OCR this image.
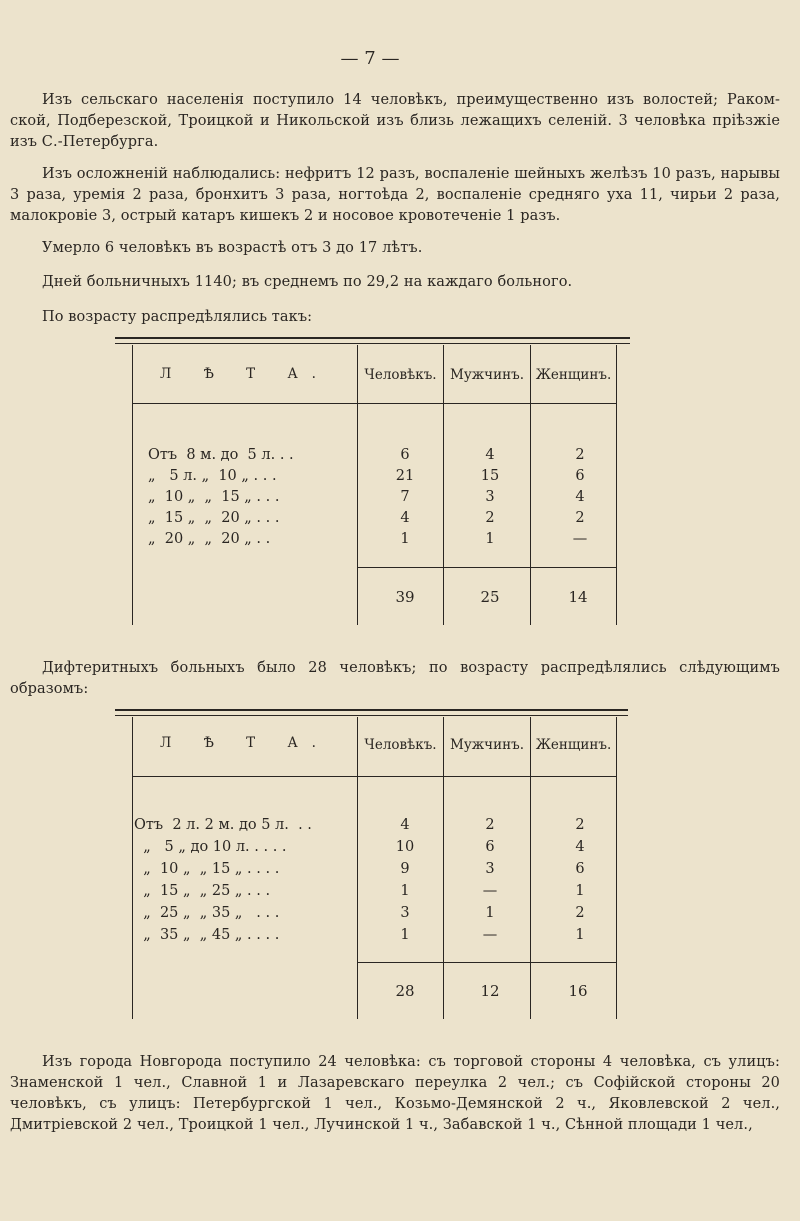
— 7 —

Изъ сельскаго населенія поступило 14 человѣкъ, преимущественно изъ волостей; Раком-ской, Подберезской, Троицкой и Никольской изъ близь лежащихъ селеній. 3 человѣка пріѣзжіе изъ С.-Петербурга.

Изъ осложненій наблюдались: нефритъ 12 разъ, воспаленіе шейныхъ желѣзъ 10 разъ, нарывы 3 раза, уремія 2 раза, бронхитъ 3 раза, ногтоѣда 2, воспаленіе средняго уха 11, чирьи 2 раза, малокровіе 3, острый катаръ кишекъ 2 и носовое кровотеченіе 1 разъ.

Умерло 6 человѣкъ въ возрастѣ отъ 3 до 17 лѣтъ.

Дней больничныхъ 1140; въ среднемъ по 29,2 на каждаго больного.

По возрасту распредѣлялись такъ:

Л Ѣ Т А.	Человѣкъ. Мужчинъ. Женщинъ.
Отъ  8 м. до  5 л. . .	6	4	2
„   5 л. „  10 „ . . .	21	15	6
„  10 „  „  15 „ . . .	7	3	4
„  15 „  „  20 „ . . .	4	2	2
„  20 „  „  20 „ . .	1	1	—
39	25	14

Дифтеритныхъ больныхъ было 28 человѣкъ; по возрасту распредѣлялись слѣдующимъ образомъ:

Л Ѣ Т А.	Человѣкъ. Мужчинъ. Женщинъ.
Отъ  2 л. 2 м. до 5 л.  . .	4	2	2
„   5 „ до 10 л. . . . .	10	6	4
„  10 „  „ 15 „ . . . .	9	3	6
„  15 „  „ 25 „ . . .	1	—	1
„  25 „  „ 35 „   . . .	3	1	2
„  35 „  „ 45 „ . . . .	1	—	1
28	12	16

Изъ города Новгорода поступило 24 человѣка: съ торговой стороны 4 человѣка, съ улицъ: Знаменской 1 чел., Славной 1 и Лазаревскаго переулка 2 чел.; съ Софійской стороны 20 человѣкъ, съ улицъ: Петербургской 1 чел., Козьмо-Демянской 2 ч., Яковлевской 2 чел., Дмитріевской 2 чел., Троицкой 1 чел., Лучинской 1 ч., Забавской 1 ч., Сѣнной площади 1 чел.,
